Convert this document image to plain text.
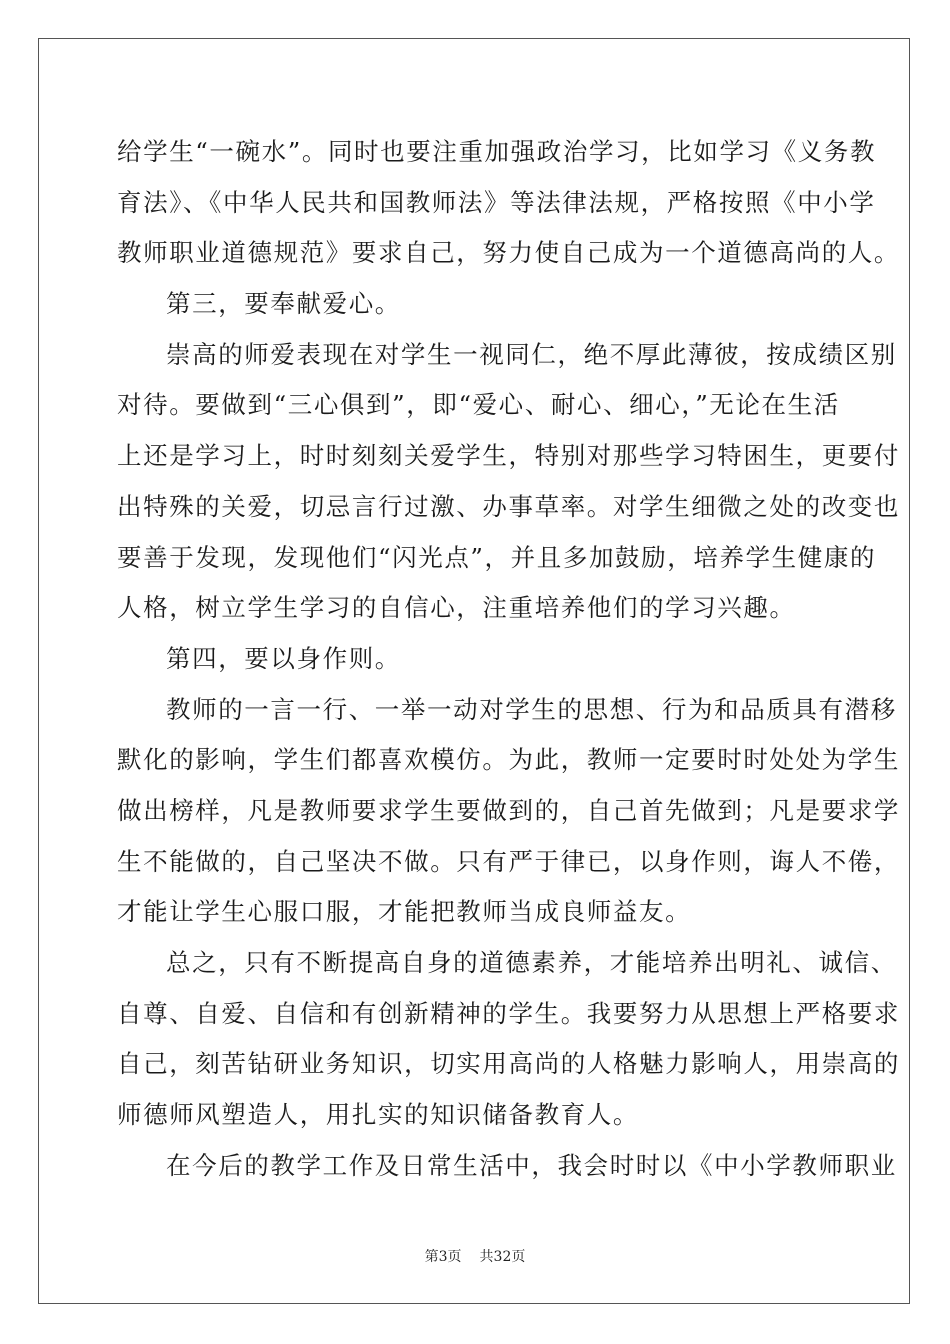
给学生“一碗水”。同时也要注重加强政治学习，比如学习《义务教
育法》、《中华人民共和国教师法》等法律法规，严格按照《中小学
教师职业道德规范》要求自己，努力使自己成为一个道德高尚的人。
第三，要奉献爱心。
崇高的师爱表现在对学生一视同仁，绝不厚此薄彼，按成绩区别
对待。要做到“三心俱到”，即“爱心、耐心、细心，”无论在生活
上还是学习上，时时刻刻关爱学生，特别对那些学习特困生，更要付
出特殊的关爱，切忌言行过激、办事草率。对学生细微之处的改变也
要善于发现，发现他们“闪光点”，并且多加鼓励，培养学生健康的
人格，树立学生学习的自信心，注重培养他们的学习兴趣。
第四，要以身作则。
教师的一言一行、一举一动对学生的思想、行为和品质具有潜移
默化的影响，学生们都喜欢模仿。为此，教师一定要时时处处为学生
做出榜样，凡是教师要求学生要做到的，自己首先做到；凡是要求学
生不能做的，自己坚决不做。只有严于律已，以身作则，诲人不倦，
才能让学生心服口服，才能把教师当成良师益友。
总之，只有不断提高自身的道德素养，才能培养出明礼、诚信、
自尊、自爱、自信和有创新精神的学生。我要努力从思想上严格要求
自己，刻苦钻研业务知识，切实用高尚的人格魅力影响人，用崇高的
师德师风塑造人，用扎实的知识储备教育人。
在今后的教学工作及日常生活中，我会时时以《中小学教师职业
第3页 共32页
